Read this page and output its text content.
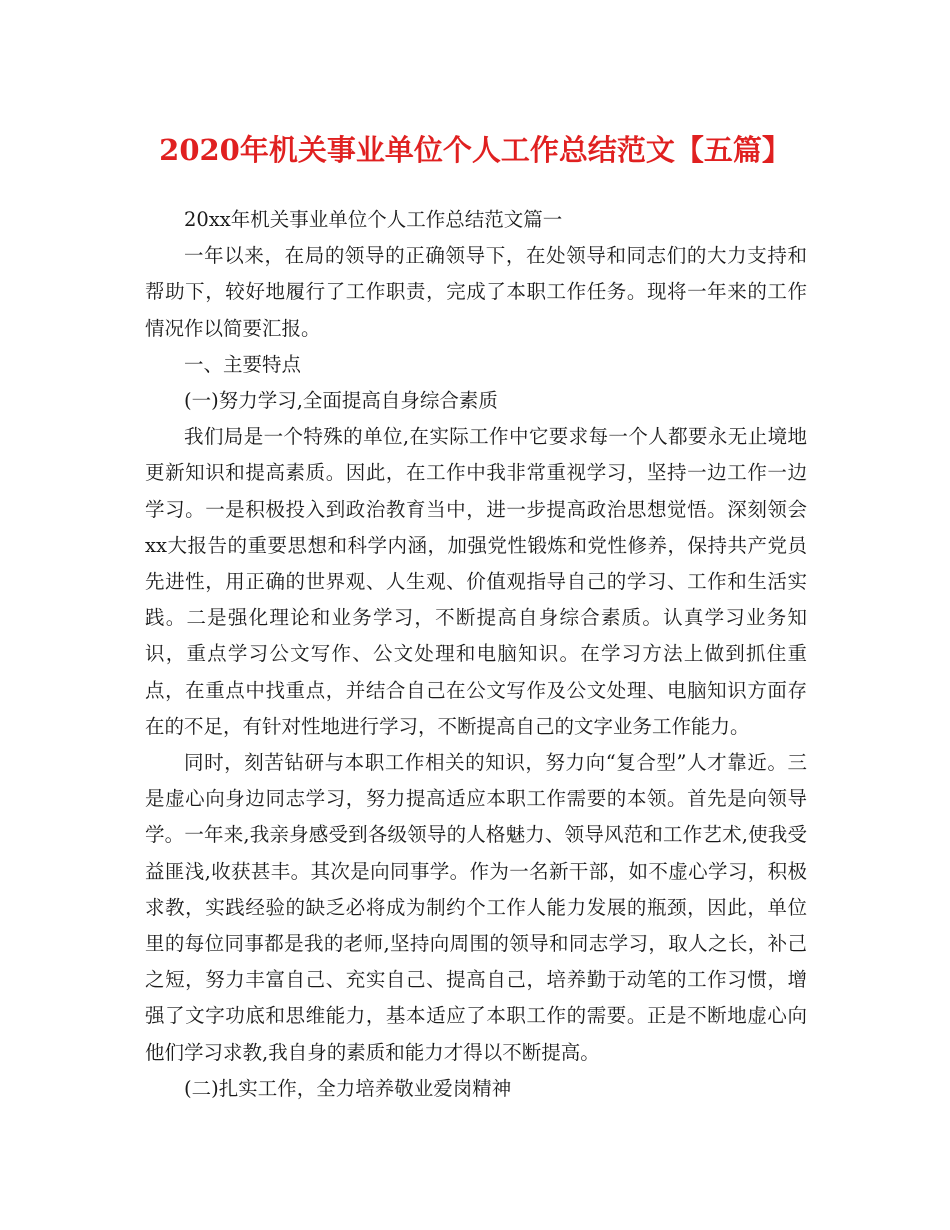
2020年机关事业单位个人工作总结范文【五篇】

20xx年机关事业单位个人工作总结范文篇一

一年以来，在局的领导的正确领导下，在处领导和同志们的大力支持和帮助下，较好地履行了工作职责，完成了本职工作任务。现将一年来的工作情况作以简要汇报。

一、主要特点

(一)努力学习,全面提高自身综合素质

我们局是一个特殊的单位,在实际工作中它要求每一个人都要永无止境地更新知识和提高素质。因此，在工作中我非常重视学习，坚持一边工作一边学习。一是积极投入到政治教育当中，进一步提高政治思想觉悟。深刻领会xx大报告的重要思想和科学内涵，加强党性锻炼和党性修养，保持共产党员先进性，用正确的世界观、人生观、价值观指导自己的学习、工作和生活实践。二是强化理论和业务学习，不断提高自身综合素质。认真学习业务知识，重点学习公文写作、公文处理和电脑知识。在学习方法上做到抓住重点，在重点中找重点，并结合自己在公文写作及公文处理、电脑知识方面存在的不足，有针对性地进行学习，不断提高自己的文字业务工作能力。

同时，刻苦钻研与本职工作相关的知识，努力向“复合型”人才靠近。三是虚心向身边同志学习，努力提高适应本职工作需要的本领。首先是向领导学。一年来,我亲身感受到各级领导的人格魅力、领导风范和工作艺术,使我受益匪浅,收获甚丰。其次是向同事学。作为一名新干部，如不虚心学习，积极求教，实践经验的缺乏必将成为制约个工作人能力发展的瓶颈，因此，单位里的每位同事都是我的老师,坚持向周围的领导和同志学习，取人之长，补己之短，努力丰富自己、充实自己、提高自己，培养勤于动笔的工作习惯，增强了文字功底和思维能力，基本适应了本职工作的需要。正是不断地虚心向他们学习求教,我自身的素质和能力才得以不断提高。

(二)扎实工作，全力培养敬业爱岗精神
